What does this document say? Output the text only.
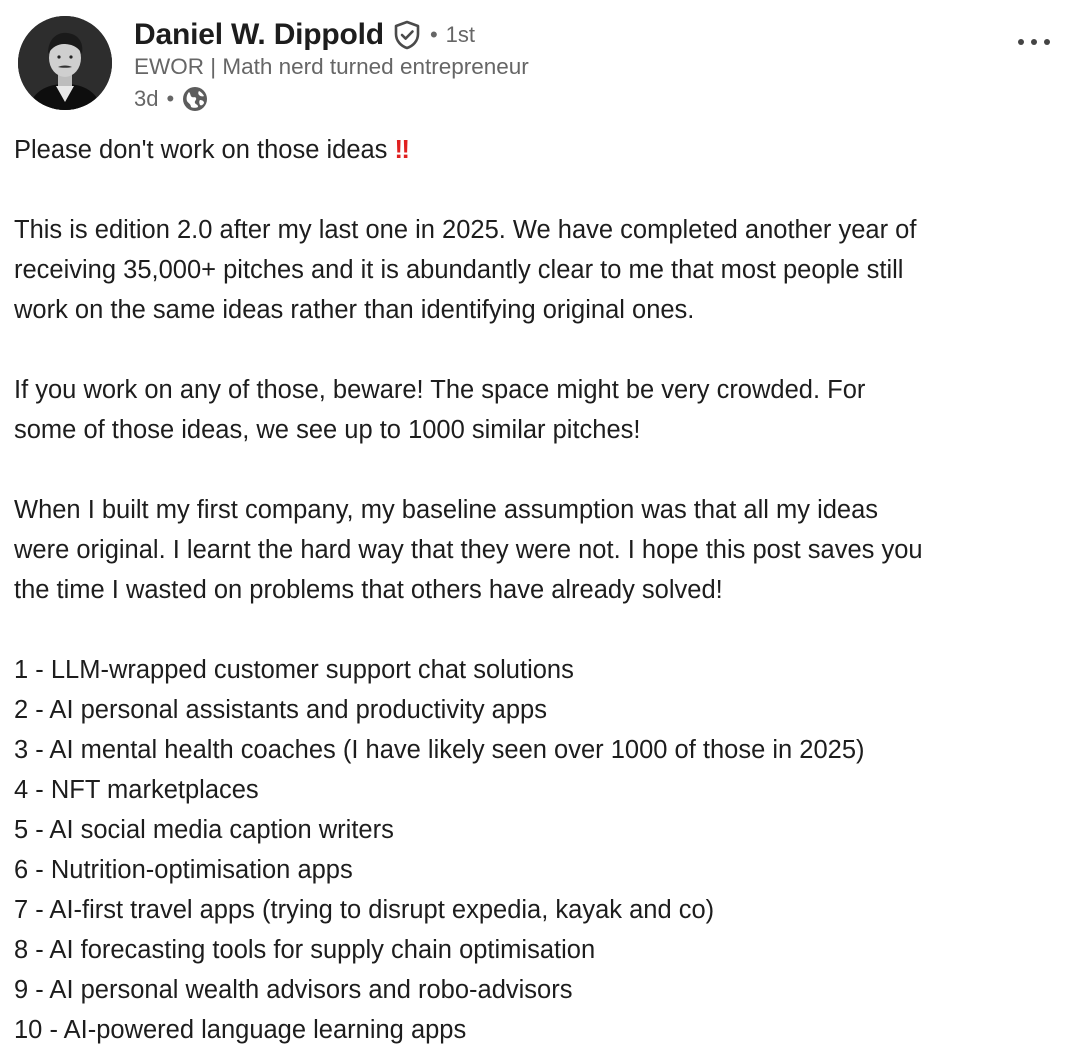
Daniel W. Dippold • 1st
EWOR | Math nerd turned entrepreneur
3d •
Please don't work on those ideas ‼
This is edition 2.0 after my last one in 2025. We have completed another year of
receiving 35,000+ pitches and it is abundantly clear to me that most people still
work on the same ideas rather than identifying original ones.
If you work on any of those, beware! The space might be very crowded. For
some of those ideas, we see up to 1000 similar pitches!
When I built my first company, my baseline assumption was that all my ideas
were original. I learnt the hard way that they were not. I hope this post saves you
the time I wasted on problems that others have already solved!
1 - LLM-wrapped customer support chat solutions
2 - AI personal assistants and productivity apps
3 - AI mental health coaches (I have likely seen over 1000 of those in 2025)
4 - NFT marketplaces
5 - AI social media caption writers
6 - Nutrition-optimisation apps
7 - AI-first travel apps (trying to disrupt expedia, kayak and co)
8 - AI forecasting tools for supply chain optimisation
9 - AI personal wealth advisors and robo-advisors
10 - AI-powered language learning apps
